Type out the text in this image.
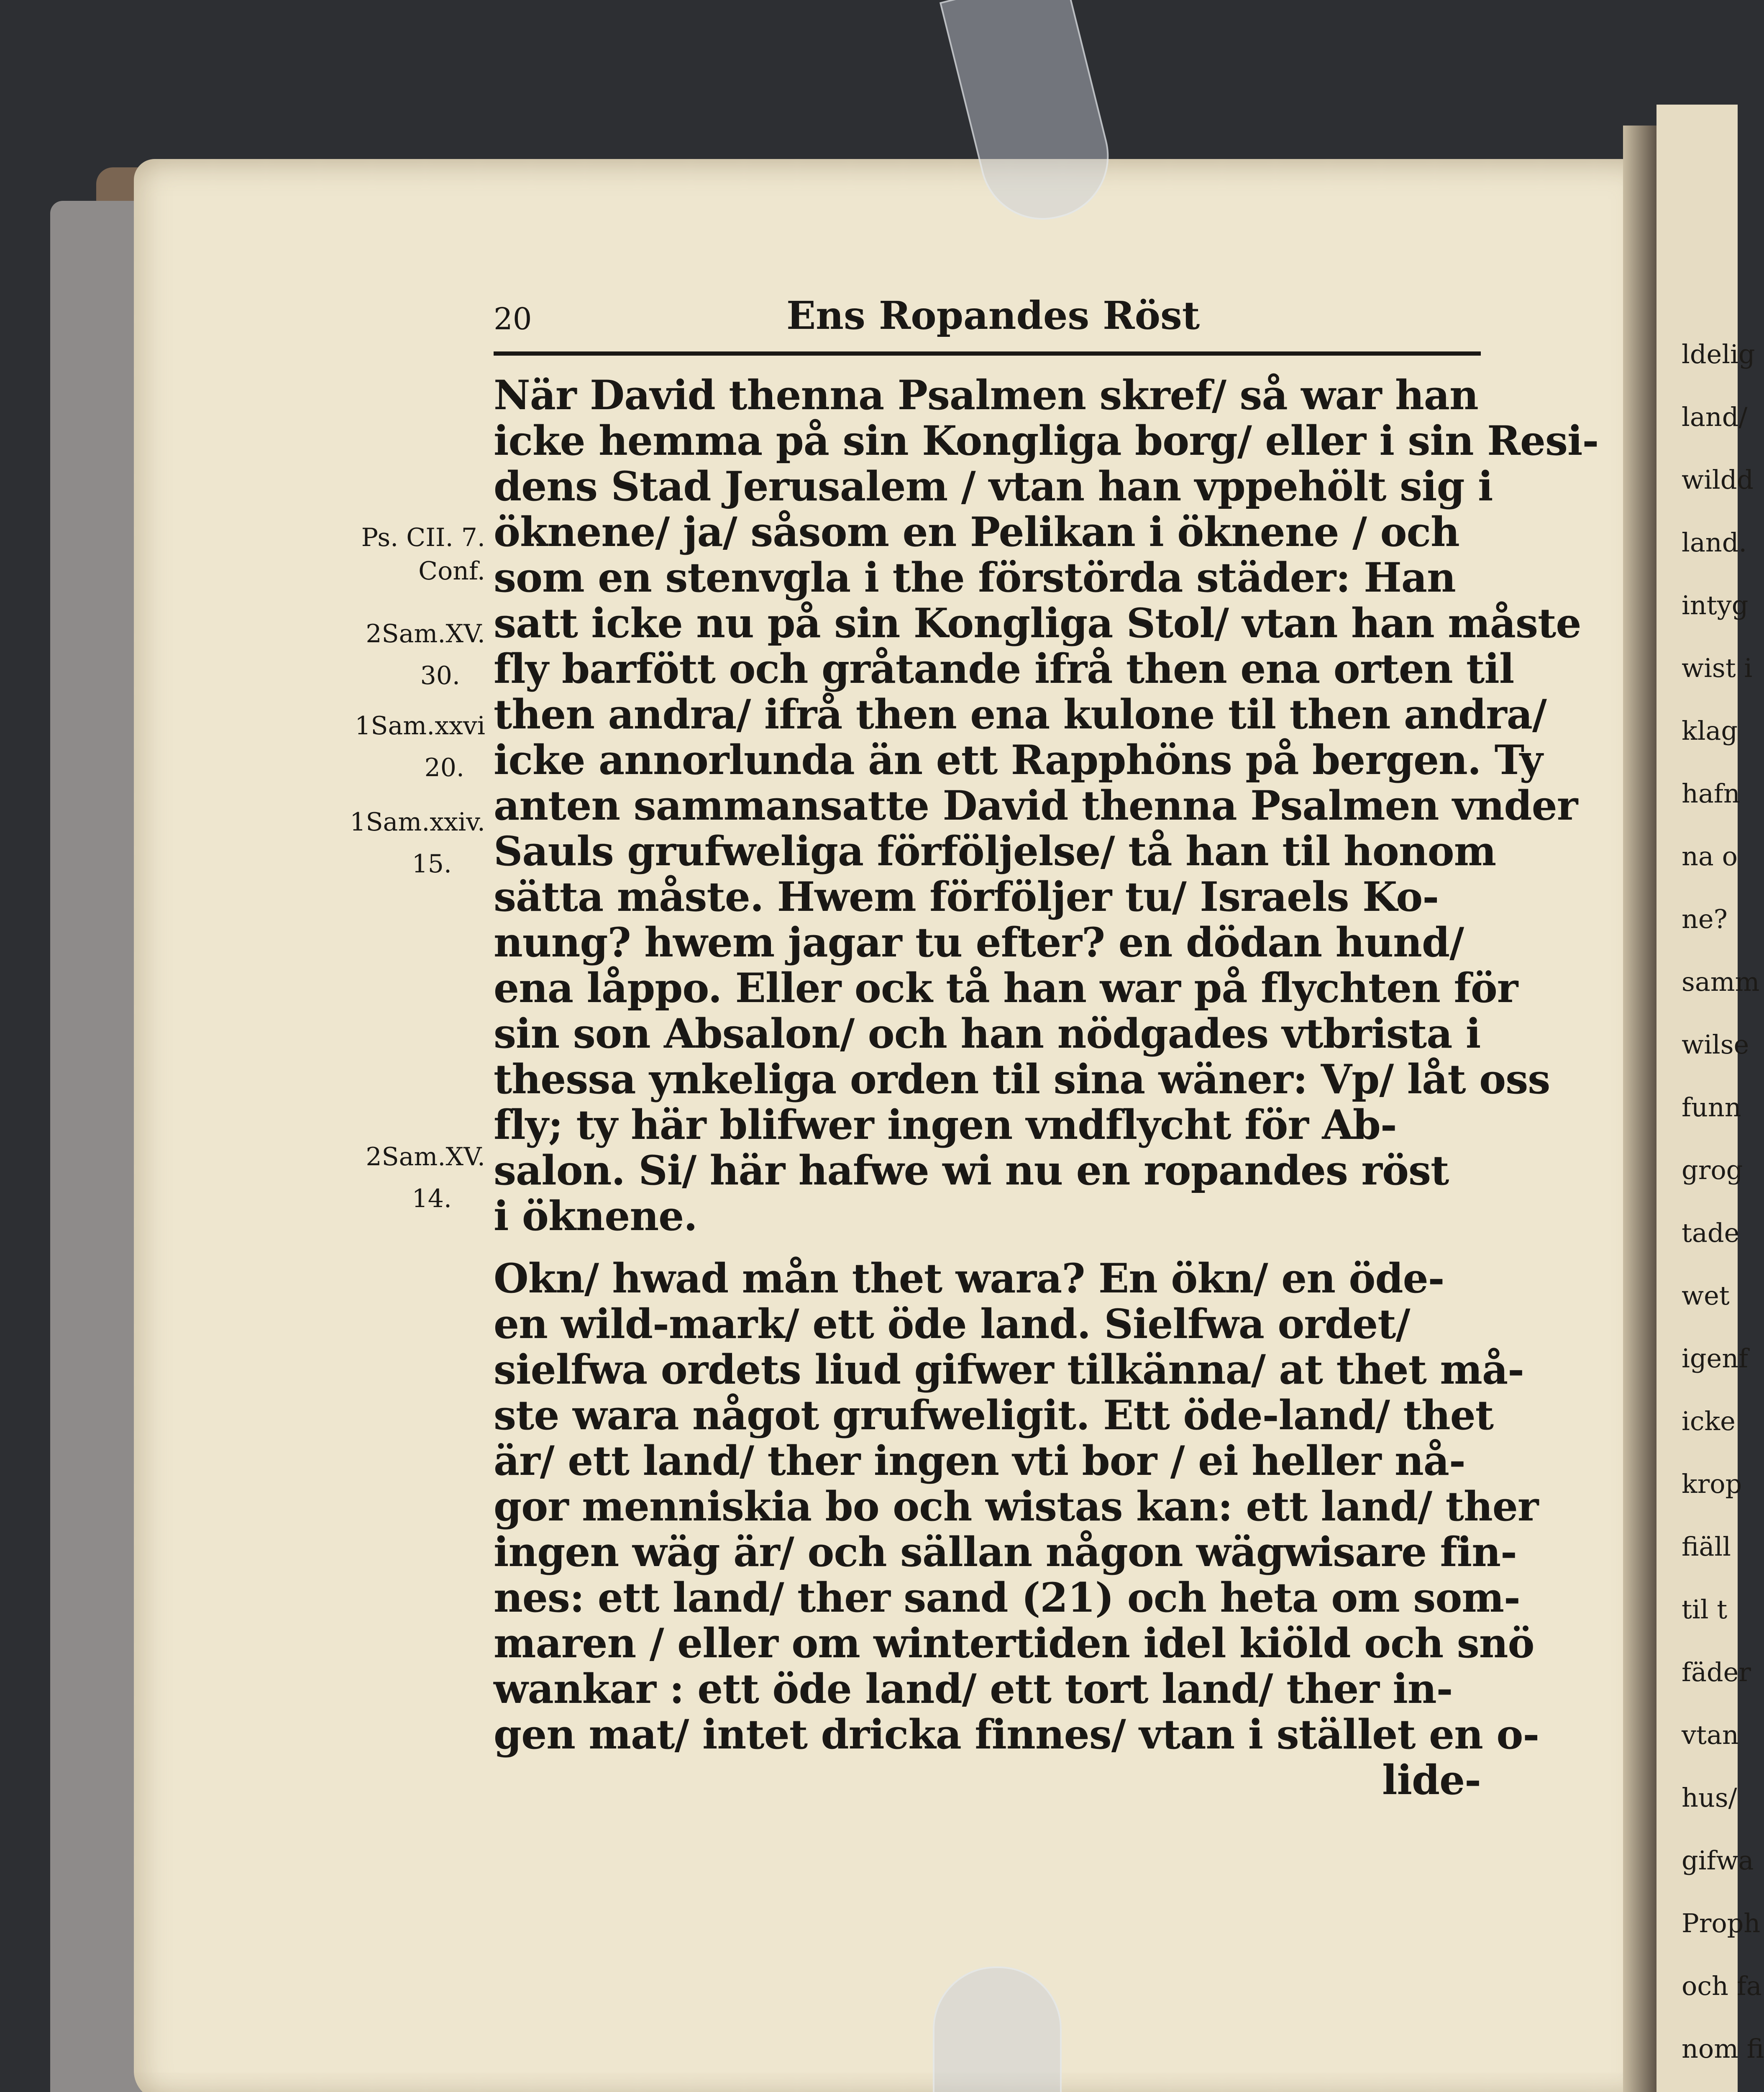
ldelig
land/
wildd
land.
intyg
wist i
klag
hafn
na o
ne?
samm
wilse
funn
grog
tade
wet
igenf
icke
krop
fiäll
til t
fäder
vtan
hus/
gifwa
Proph
och fa
nom fi
Ps. CII. 7.
Conf.
2Sam.XV.
30.
1Sam.xxvi
20.
1Sam.xxiv.
15.
2Sam.XV.
14.
20	Ens Ropandes Röst
När David thenna Psalmen skref/ så war han
icke hemma på sin Kongliga borg/ eller i sin Resi-
dens Stad Jerusalem / vtan han vppehölt sig i
öknene/ ja/ såsom en Pelikan i öknene / och
som en stenvgla i the förstörda städer: Han
satt icke nu på sin Kongliga Stol/ vtan han måste
fly barfött och gråtande ifrå then ena orten til
then andra/ ifrå then ena kulone til then andra/
icke annorlunda än ett Rapphöns på bergen. Ty
anten sammansatte David thenna Psalmen vnder
Sauls grufweliga förföljelse/ tå han til honom
sätta måste. Hwem förföljer tu/ Israels Ko-
nung? hwem jagar tu efter? en dödan hund/
ena låppo. Eller ock tå han war på flychten för
sin son Absalon/ och han nödgades vtbrista i
thessa ynkeliga orden til sina wäner: Vp/ låt oss
fly; ty här blifwer ingen vndflycht för Ab-
salon. Si/ här hafwe wi nu en ropandes röst
i öknene.
Okn/ hwad mån thet wara? En ökn/ en öde-
en wild-mark/ ett öde land. Sielfwa ordet/
sielfwa ordets liud gifwer tilkänna/ at thet må-
ste wara något grufweligit. Ett öde-land/ thet
är/ ett land/ ther ingen vti bor / ei heller nå-
gor menniskia bo och wistas kan: ett land/ ther
ingen wäg är/ och sällan någon wägwisare fin-
nes: ett land/ ther sand (21) och heta om som-
maren / eller om wintertiden idel kiöld och snö
wankar : ett öde land/ ett tort land/ ther in-
gen mat/ intet dricka finnes/ vtan i stället en o-
lide-
